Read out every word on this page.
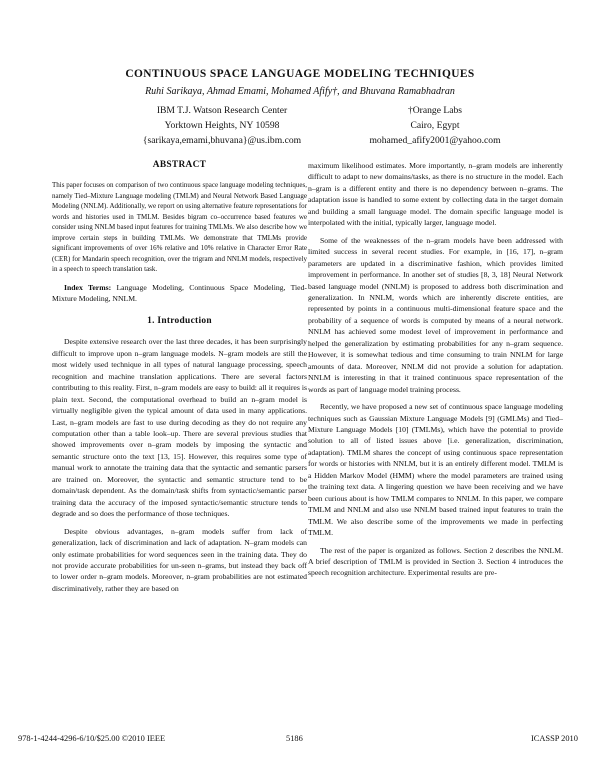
CONTINUOUS SPACE LANGUAGE MODELING TECHNIQUES
Ruhi Sarikaya, Ahmad Emami, Mohamed Afify†, and Bhuvana Ramabhadran
IBM T.J. Watson Research Center
Yorktown Heights, NY 10598
{sarikaya,emami,bhuvana}@us.ibm.com
†Orange Labs
Cairo, Egypt
mohamed_afify2001@yahoo.com
ABSTRACT

This paper focuses on comparison of two continuous space language modeling techniques, namely Tied–Mixture Language modeling (TMLM) and Neural Network Based Language Modeling (NNLM). Additionally, we report on using alternative feature representations for words and histories used in TMLM. Besides bigram co–occurrence based features we consider using NNLM based input features for training TMLMs. We also describe how we improve certain steps in building TMLMs. We demonstrate that TMLMs provide significant improvements of over 16% relative and 10% relative in Character Error Rate (CER) for Mandarin speech recognition, over the trigram and NNLM models, respectively in a speech to speech translation task.

Index Terms: Language Modeling, Continuous Space Modeling, Tied-Mixture Modeling, NNLM.

1. Introduction

Despite extensive research over the last three decades, it has been surprisingly difficult to improve upon n–gram language models. N–gram models are still the most widely used technique in all types of natural language processing, speech recognition and machine translation applications. There are several factors contributing to this reality. First, n–gram models are easy to build: all it requires is plain text. Second, the computational overhead to build an n–gram model is virtually negligible given the typical amount of data used in many applications. Last, n–gram models are fast to use during decoding as they do not require any computation other than a table look–up. There are several previous studies that showed improvements over n–gram models by imposing the syntactic and semantic structure onto the text [13, 15]. However, this requires some type of manual work to annotate the training data that the syntactic and semantic parsers are trained on. Moreover, the syntactic and semantic structure tend to be domain/task dependent. As the domain/task shifts from syntactic/semantic parser training data the accuracy of the imposed syntactic/semantic structure tends to degrade and so does the performance of those techniques.

Despite obvious advantages, n–gram models suffer from lack of generalization, lack of discrimination and lack of adaptation. N–gram models can only estimate probabilities for word sequences seen in the training data. They do not provide accurate probabilities for un-seen n–grams, but instead they back off to lower order n–gram models. Moreover, n–gram probabilities are not estimated discriminatively, rather they are based on

maximum likelihood estimates. More importantly, n–gram models are inherently difficult to adapt to new domains/tasks, as there is no structure in the model. Each n–gram is a different entity and there is no dependency between n–grams. The adaptation issue is handled to some extent by collecting data in the target domain and building a small language model. The domain specific language model is interpolated with the initial, typically larger, language model.

Some of the weaknesses of the n–gram models have been addressed with limited success in several recent studies. For example, in [16, 17], n–gram parameters are updated in a discriminative fashion, which provides limited improvement in performance. In another set of studies [8, 3, 18] Neural Network based language model (NNLM) is proposed to address both discrimination and generalization. In NNLM, words which are inherently discrete entities, are represented by points in a continuous multi-dimensional feature space and the probability of a sequence of words is computed by means of a neural network. NNLM has achieved some modest level of improvement in performance and helped the generalization by estimating probabilities for any n–gram sequence. However, it is somewhat tedious and time consuming to train NNLM for large amounts of data. Moreover, NNLM did not provide a solution for adaptation. NNLM is interesting in that it trained continuous space representation of the words as part of language model training process.

Recently, we have proposed a new set of continuous space language modeling techniques such as Gaussian Mixture Language Models [9] (GMLMs) and Tied–Mixture Language Models [10] (TMLMs), which have the potential to provide solution to all of listed issues above [i.e. generalization, discrimination, adaptation). TMLM shares the concept of using continuous space representation for words or histories with NNLM, but it is an entirely different model. TMLM is a Hidden Markov Model (HMM) where the model parameters are trained using the training text data. A lingering question we have been receiving and we have been curious about is how TMLM compares to NNLM. In this paper, we compare TMLM and NNLM and also use NNLM based trained input features to train the TMLM. We also describe some of the improvements we made in perfecting TMLM.

The rest of the paper is organized as follows. Section 2 describes the NNLM. A brief description of TMLM is provided in Section 3. Section 4 introduces the speech recognition architecture. Experimental results are pre-

978-1-4244-4296-6/10/$25.00 ©2010 IEEE	5186	ICASSP 2010
